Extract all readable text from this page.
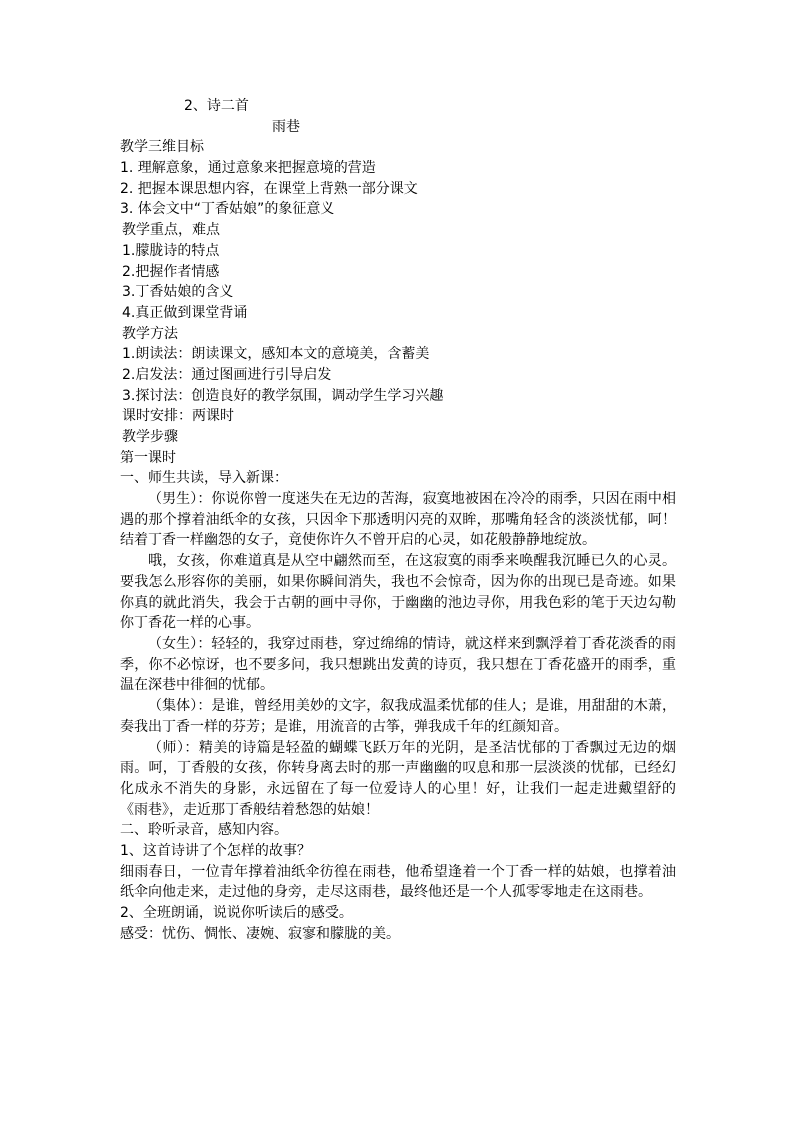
2、诗二首
雨巷
教学三维目标
1. 理解意象，通过意象来把握意境的营造
2. 把握本课思想内容，在课堂上背熟一部分课文
3. 体会文中“丁香姑娘”的象征意义
教学重点，难点
1.朦胧诗的特点
2.把握作者情感
3.丁香姑娘的含义
4.真正做到课堂背诵
教学方法
1.朗读法：朗读课文，感知本文的意境美，含蓄美
2.启发法：通过图画进行引导启发
3.探讨法：创造良好的教学氛围，调动学生学习兴趣
课时安排：两课时
教学步骤
第一课时
一、师生共读，导入新课：
（男生）：你说你曾一度迷失在无边的苦海，寂寞地被困在冷冷的雨季，只因在雨中相遇的那个撑着油纸伞的女孩，只因伞下那透明闪亮的双眸，那嘴角轻含的淡淡忧郁，呵！结着丁香一样幽怨的女子，竟使你许久不曾开启的心灵，如花般静静地绽放。
哦，女孩，你难道真是从空中翩然而至，在这寂寞的雨季来唤醒我沉睡已久的心灵。要我怎么形容你的美丽，如果你瞬间消失，我也不会惊奇，因为你的出现已是奇迹。如果你真的就此消失，我会于古朝的画中寻你，于幽幽的池边寻你，用我色彩的笔于天边勾勒你丁香花一样的心事。
（女生）：轻轻的，我穿过雨巷，穿过绵绵的情诗，就这样来到飘浮着丁香花淡香的雨季，你不必惊讶，也不要多问，我只想跳出发黄的诗页，我只想在丁香花盛开的雨季，重温在深巷中徘徊的忧郁。
（集体）：是谁，曾经用美妙的文字，叙我成温柔忧郁的佳人；是谁，用甜甜的木萧，奏我出丁香一样的芬芳；是谁，用流音的古筝，弹我成千年的红颜知音。
（师）：精美的诗篇是轻盈的蝴蝶飞跃万年的光阴，是圣洁忧郁的丁香飘过无边的烟雨。呵，丁香般的女孩，你转身离去时的那一声幽幽的叹息和那一层淡淡的忧郁，已经幻化成永不消失的身影，永远留在了每一位爱诗人的心里！好，让我们一起走进戴望舒的《雨巷》，走近那丁香般结着愁怨的姑娘！
二、聆听录音，感知内容。
1、这首诗讲了个怎样的故事？
细雨春日，一位青年撑着油纸伞彷徨在雨巷，他希望逢着一个丁香一样的姑娘，也撑着油纸伞向他走来，走过他的身旁，走尽这雨巷，最终他还是一个人孤零零地走在这雨巷。
2、全班朗诵，说说你听读后的感受。
感受：忧伤、惆怅、凄婉、寂寥和朦胧的美。
